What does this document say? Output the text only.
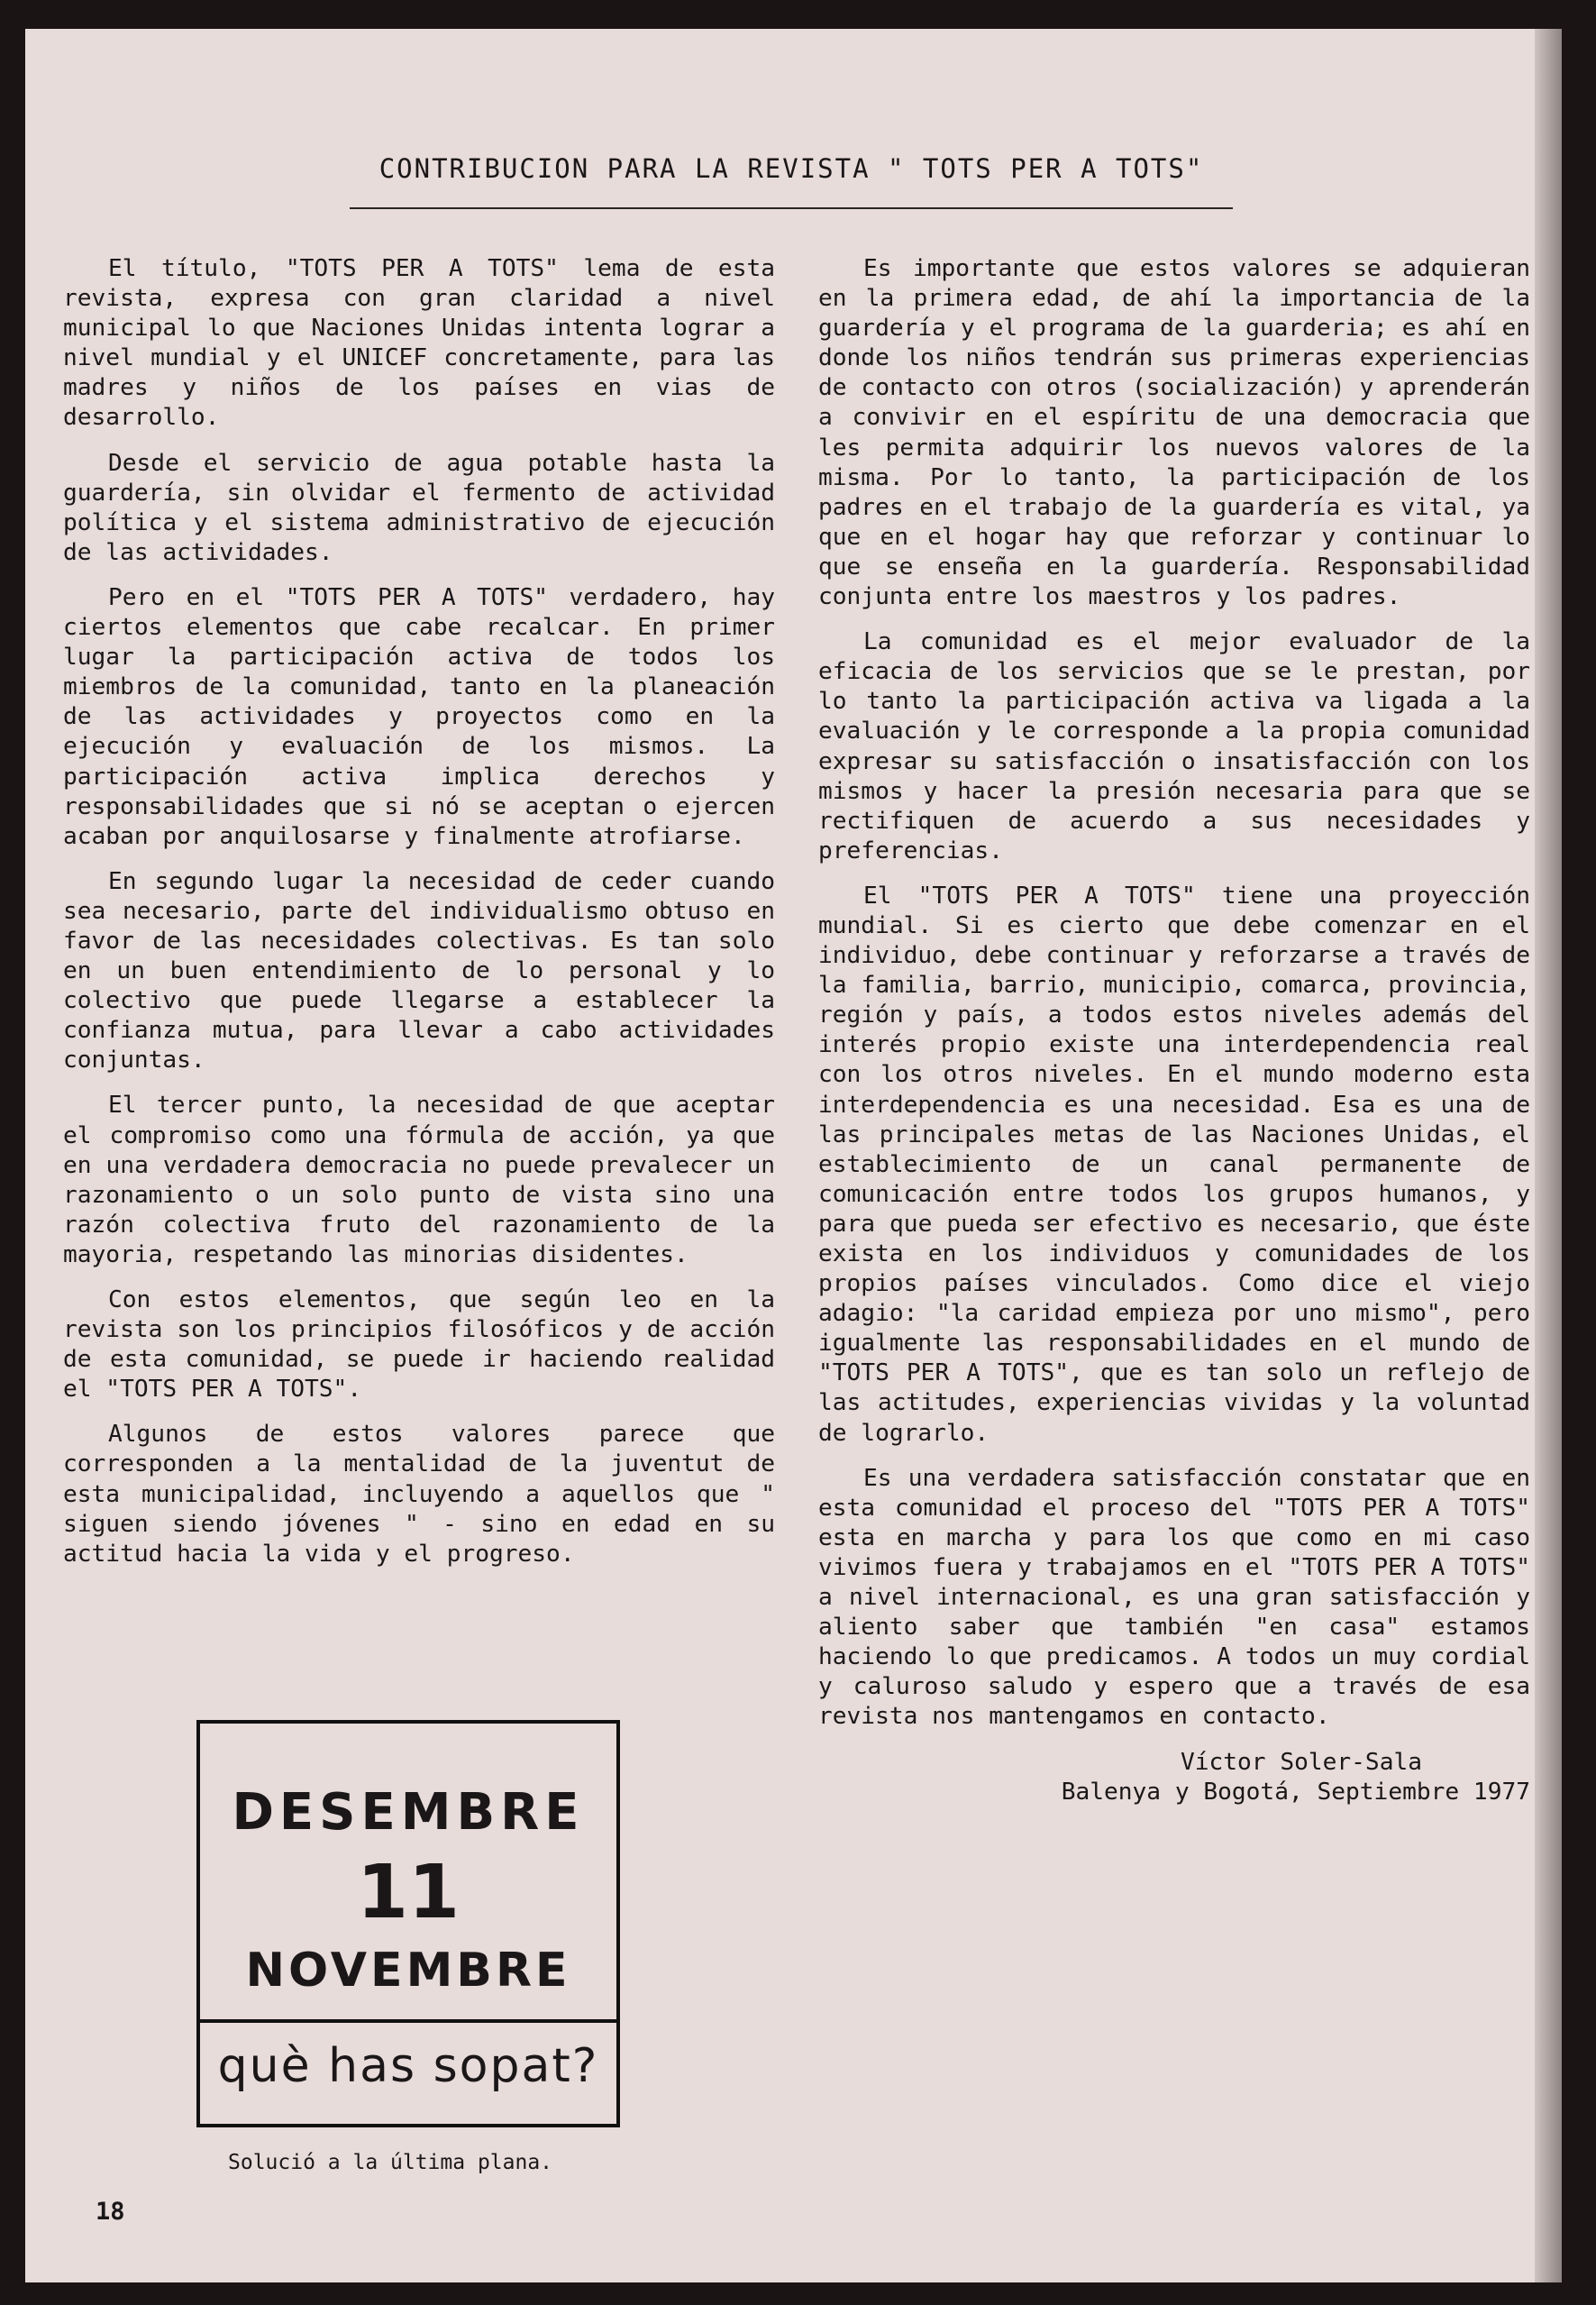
CONTRIBUCION PARA LA REVISTA " TOTS PER A TOTS"

El título, "TOTS PER A TOTS" lema de esta revista, expresa con gran claridad a nivel municipal lo que Naciones Unidas intenta lograr a nivel mundial y el UNICEF concretamente, para las madres y niños de los países en vias de desarrollo.

Desde el servicio de agua potable hasta la guardería, sin olvidar el fermento de actividad política y el sistema administrativo de ejecución de las actividades.

Pero en el "TOTS PER A TOTS" verdadero, hay ciertos elementos que cabe recalcar. En primer lugar la participación activa de todos los miembros de la comunidad, tanto en la planeación de las actividades y proyectos como en la ejecución y evaluación de los mismos. La participación activa implica derechos y responsabilidades que si nó se aceptan o ejercen acaban por anquilosarse y finalmente atrofiarse.

En segundo lugar la necesidad de ceder cuando sea necesario, parte del individualismo obtuso en favor de las necesidades colectivas. Es tan solo en un buen entendimiento de lo personal y lo colectivo que puede llegarse a establecer la confianza mutua, para llevar a cabo actividades conjuntas.

El tercer punto, la necesidad de que aceptar el compromiso como una fórmula de acción, ya que en una verdadera democracia no puede prevalecer un razonamiento o un solo punto de vista sino una razón colectiva fruto del razonamiento de la mayoria, respetando las minorias disidentes.

Con estos elementos, que según leo en la revista son los principios filosóficos y de acción de esta comunidad, se puede ir haciendo realidad el "TOTS PER A TOTS".

Algunos de estos valores parece que corresponden a la mentalidad de la juventut de esta municipalidad, incluyendo a aquellos que " siguen siendo jóvenes " - sino en edad en su actitud hacia la vida y el progreso.

Es importante que estos valores se adquieran en la primera edad, de ahí la importancia de la guardería y el programa de la guarderia; es ahí en donde los niños tendrán sus primeras experiencias de contacto con otros (socialización) y aprenderán a convivir en el espíritu de una democracia que les permita adquirir los nuevos valores de la misma. Por lo tanto, la participación de los padres en el trabajo de la guardería es vital, ya que en el hogar hay que reforzar y continuar lo que se enseña en la guardería. Responsabilidad conjunta entre los maestros y los padres.

La comunidad es el mejor evaluador de la eficacia de los servicios que se le prestan, por lo tanto la participación activa va ligada a la evaluación y le corresponde a la propia comunidad expresar su satisfacción o insatisfacción con los mismos y hacer la presión necesaria para que se rectifiquen de acuerdo a sus necesidades y preferencias.

El "TOTS PER A TOTS" tiene una proyección mundial. Si es cierto que debe comenzar en el individuo, debe continuar y reforzarse a través de la familia, barrio, municipio, comarca, provincia, región y país, a todos estos niveles además del interés propio existe una interdependencia real con los otros niveles. En el mundo moderno esta interdependencia es una necesidad. Esa es una de las principales metas de las Naciones Unidas, el establecimiento de un canal permanente de comunicación entre todos los grupos humanos, y para que pueda ser efectivo es necesario, que éste exista en los individuos y comunidades de los propios países vinculados. Como dice el viejo adagio: "la caridad empieza por uno mismo", pero igualmente las responsabilidades en el mundo de "TOTS PER A TOTS", que es tan solo un reflejo de las actitudes, experiencias vividas y la voluntad de lograrlo.

Es una verdadera satisfacción constatar que en esta comunidad el proceso del "TOTS PER A TOTS" esta en marcha y para los que como en mi caso vivimos fuera y trabajamos en el "TOTS PER A TOTS" a nivel internacional, es una gran satisfacción y aliento saber que también "en casa" estamos haciendo lo que predicamos. A todos un muy cordial y caluroso saludo y espero que a través de esa revista nos mantengamos en contacto.

Víctor Soler-Sala
Balenya y Bogotá, Septiembre 1977
DESEMBRE
11
NOVEMBRE
què has sopat?
Solució a la última plana.
18
